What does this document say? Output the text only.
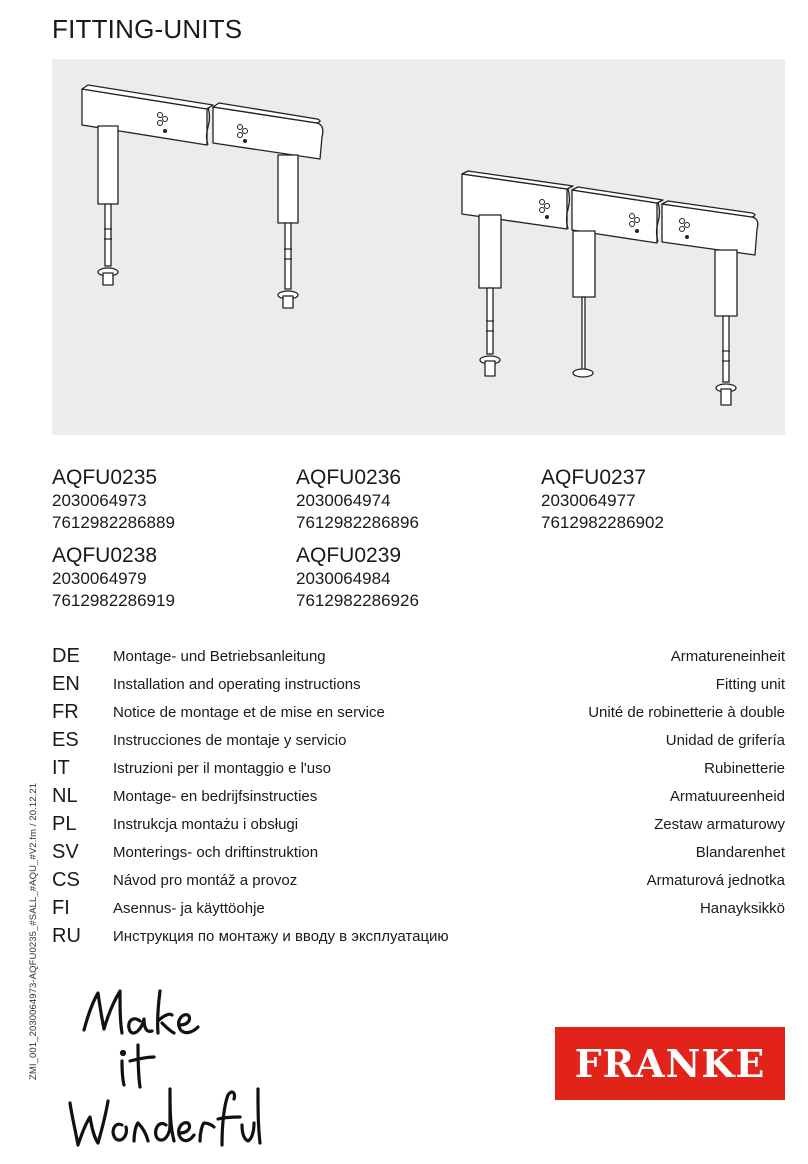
FITTING-UNITS
AQFU0235
2030064973
7612982286889
AQFU0236
2030064974
7612982286896
AQFU0237
2030064977
7612982286902
AQFU0238
2030064979
7612982286919
AQFU0239
2030064984
7612982286926
DE Montage- und Betriebsanleitung	Armatureneinheit
EN Installation and operating instructions	Fitting unit
FR Notice de montage et de mise en service	Unité de robinetterie à double
ES Instrucciones de montaje y servicio	Unidad de grifería
IT	Istruzioni per il montaggio e l'uso	Rubinetterie
NL Montage- en bedrijfsinstructies	Armatuureenheid
PL Instrukcja montażu i obsługi	Zestaw armaturowy
SV Monterings- och driftinstruktion	Blandarenhet
CS Návod pro montáž a provoz	Armaturová jednotka
FI	Asennus- ja käyttöohje	Hanayksikkö
RU Инструкция по монтажу и вводу в эксплуатацию
ZMI_001_2030064973-AQFU0235_#SALL_#AQU_#V2.fm / 20.12.21	FRANKE
